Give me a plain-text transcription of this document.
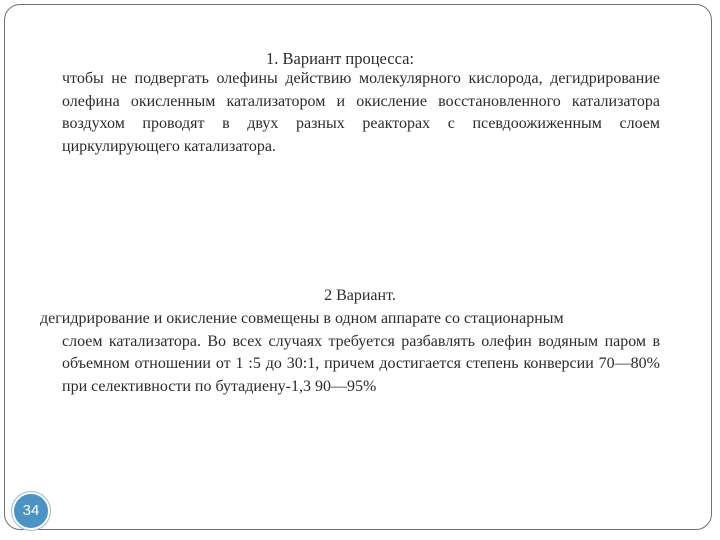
1. Вариант процесса:
чтобы не подвергать олефины действию молекулярного кислорода, дегидрирование олефина окисленным катализатором и окисление восстановленного катализатора воздухом проводят в двух разных реакторах с псевдоожиженным слоем циркулирующего катализатора.
2 Вариант.
дегидрирование и окисление совмещены в одном аппарате со стационарным
слоем катализатора. Во всех случаях требуется разбавлять олефин водяным паром в объемном отношении от 1 :5 до 30:1, причем достигается степень конверсии 70—80% при селективности по бутадиену-1,3 90—95%
34
